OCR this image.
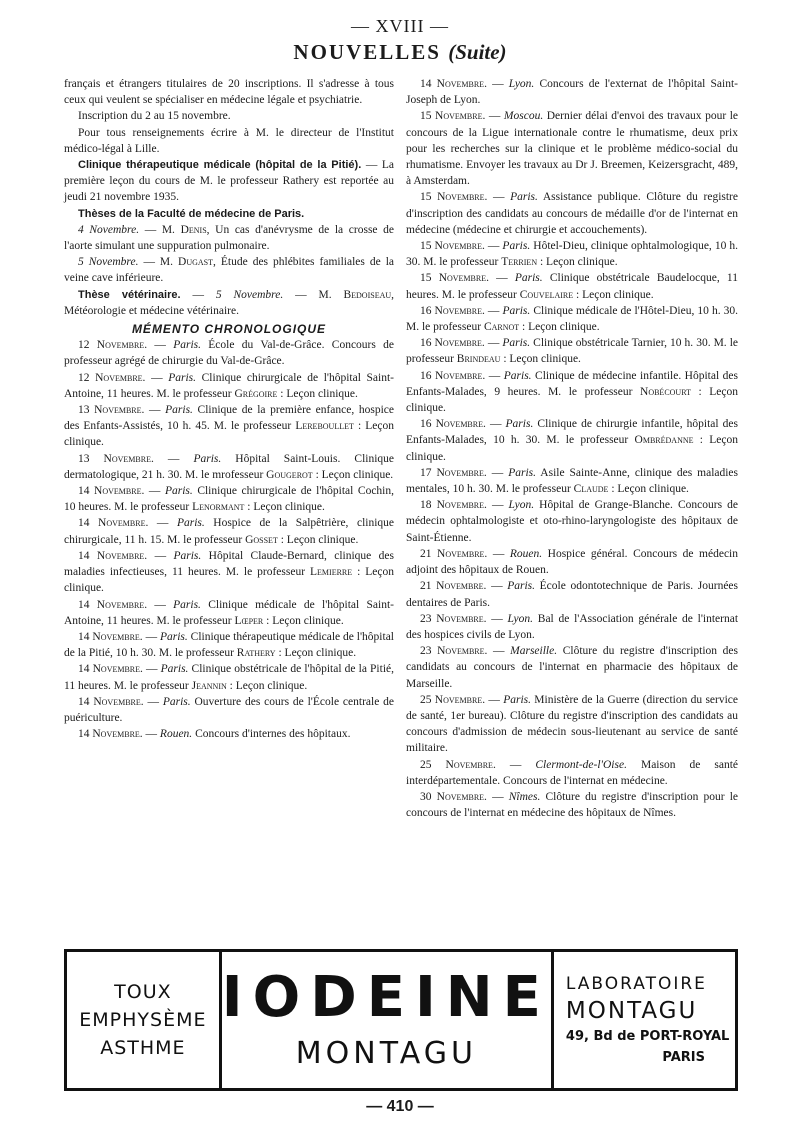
— XVIII —
NOUVELLES (Suite)

français et étrangers titulaires de 20 inscriptions. Il s'adresse à tous ceux qui veulent se spécialiser en médecine légale et psychiatrie.

Inscription du 2 au 15 novembre.

Pour tous renseignements écrire à M. le directeur de l'Institut médico-légal à Lille.

Clinique thérapeutique médicale (hôpital de la Pitié). — La première leçon du cours de M. le professeur Rathery est reportée au jeudi 21 novembre 1935.

Thèses de la Faculté de médecine de Paris.

4 Novembre. — M. Denis, Un cas d'anévrysme de la crosse de l'aorte simulant une suppuration pulmonaire.

5 Novembre. — M. Dugast, Étude des phlébites familiales de la veine cave inférieure.

Thèse vétérinaire. — 5 Novembre. — M. Bedoiseau, Météorologie et médecine vétérinaire.

MÉMENTO CHRONOLOGIQUE

12 Novembre. — Paris. École du Val-de-Grâce. Concours de professeur agrégé de chirurgie du Val-de-Grâce.

12 Novembre. — Paris. Clinique chirurgicale de l'hôpital Saint-Antoine, 11 heures. M. le professeur Grégoire : Leçon clinique.

13 Novembre. — Paris. Clinique de la première enfance, hospice des Enfants-Assistés, 10 h. 45. M. le professeur Lereboullet : Leçon clinique.

13 Novembre. — Paris. Hôpital Saint-Louis. Clinique dermatologique, 21 h. 30. M. le mrofesseur Gougerot : Leçon clinique.

14 Novembre. — Paris. Clinique chirurgicale de l'hôpital Cochin, 10 heures. M. le professeur Lenormant : Leçon clinique.

14 Novembre. — Paris. Hospice de la Salpêtrière, clinique chirurgicale, 11 h. 15. M. le professeur Gosset : Leçon clinique.

14 Novembre. — Paris. Hôpital Claude-Bernard, clinique des maladies infectieuses, 11 heures. M. le professeur Lemierre : Leçon clinique.

14 Novembre. — Paris. Clinique médicale de l'hôpital Saint-Antoine, 11 heures. M. le professeur Lœper : Leçon clinique.

14 Novembre. — Paris. Clinique thérapeutique médicale de l'hôpital de la Pitié, 10 h. 30. M. le professeur Rathery : Leçon clinique.

14 Novembre. — Paris. Clinique obstétricale de l'hôpital de la Pitié, 11 heures. M. le professeur Jeannin : Leçon clinique.

14 Novembre. — Paris. Ouverture des cours de l'École centrale de puériculture.

14 Novembre. — Rouen. Concours d'internes des hôpitaux.

14 Novembre. — Lyon. Concours de l'externat de l'hôpital Saint-Joseph de Lyon.

15 Novembre. — Moscou. Dernier délai d'envoi des travaux pour le concours de la Ligue internationale contre le rhumatisme, deux prix pour les recherches sur la clinique et le problème médico-social du rhumatisme. Envoyer les travaux au Dr J. Breemen, Keizersgracht, 489, à Amsterdam.

15 Novembre. — Paris. Assistance publique. Clôture du registre d'inscription des candidats au concours de médaille d'or de l'internat en médecine (médecine et chirurgie et accouchements).

15 Novembre. — Paris. Hôtel-Dieu, clinique ophtalmologique, 10 h. 30. M. le professeur Terrien : Leçon clinique.

15 Novembre. — Paris. Clinique obstétricale Baudelocque, 11 heures. M. le professeur Couvelaire : Leçon clinique.

16 Novembre. — Paris. Clinique médicale de l'Hôtel-Dieu, 10 h. 30. M. le professeur Carnot : Leçon clinique.

16 Novembre. — Paris. Clinique obstétricale Tarnier, 10 h. 30. M. le professeur Brindeau : Leçon clinique.

16 Novembre. — Paris. Clinique de médecine infantile. Hôpital des Enfants-Malades, 9 heures. M. le professeur Nobécourt : Leçon clinique.

16 Novembre. — Paris. Clinique de chirurgie infantile, hôpital des Enfants-Malades, 10 h. 30. M. le professeur Ombrédanne : Leçon clinique.

17 Novembre. — Paris. Asile Sainte-Anne, clinique des maladies mentales, 10 h. 30. M. le professeur Claude : Leçon clinique.

18 Novembre. — Lyon. Hôpital de Grange-Blanche. Concours de médecin ophtalmologiste et oto-rhino-laryngologiste des hôpitaux de Saint-Étienne.

21 Novembre. — Rouen. Hospice général. Concours de médecin adjoint des hôpitaux de Rouen.

21 Novembre. — Paris. École odontotechnique de Paris. Journées dentaires de Paris.

23 Novembre. — Lyon. Bal de l'Association générale de l'internat des hospices civils de Lyon.

23 Novembre. — Marseille. Clôture du registre d'inscription des candidats au concours de l'internat en pharmacie des hôpitaux de Marseille.

25 Novembre. — Paris. Ministère de la Guerre (direction du service de santé, 1er bureau). Clôture du registre d'inscription des candidats au concours d'admission de médecin sous-lieutenant au service de santé militaire.

25 Novembre. — Clermont-de-l'Oise. Maison de santé interdépartementale. Concours de l'internat en médecine.

30 Novembre. — Nîmes. Clôture du registre d'inscription pour le concours de l'internat en médecine des hôpitaux de Nîmes.

TOUX
EMPHYSÈME
ASTHME
IODEINE
MONTAGU
LABORATOIRE
MONTAGU
49, Bd de PORT-ROYAL
PARIS
— 410 —
